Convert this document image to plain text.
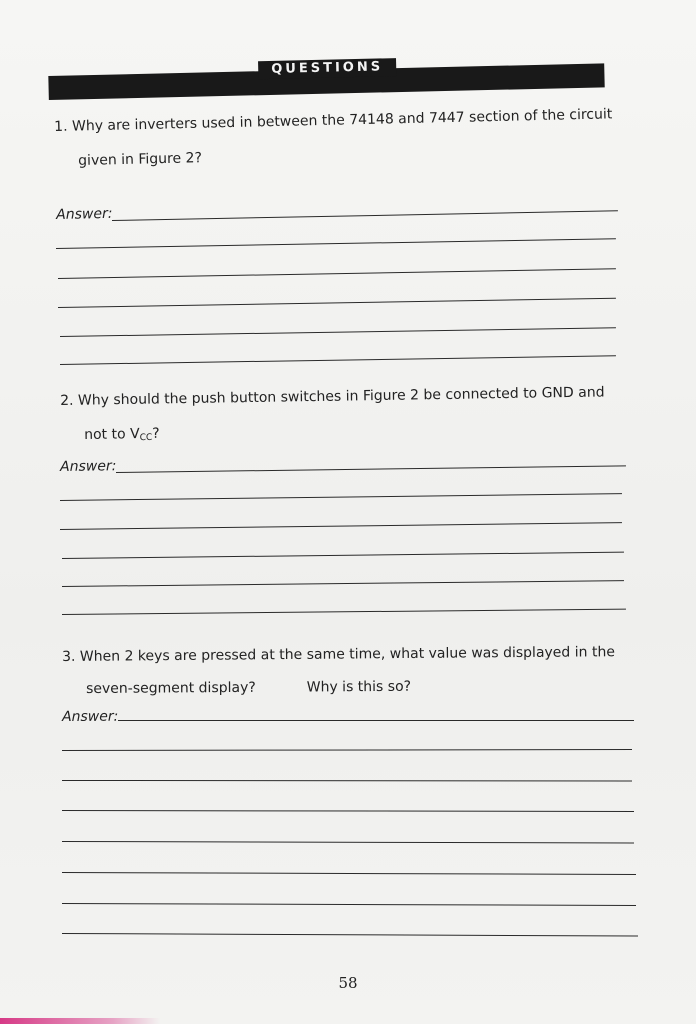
QUESTIONS
1. Why are inverters used in between the 74148 and 7447 section of the circuit
given in Figure 2?
Answer:
2. Why should the push button switches in Figure 2 be connected to GND and
not to $V_{CC}$?
Answer:
3. When 2 keys are pressed at the same time, what value was displayed in the
seven-segment display?	Why is this so?
Answer:
58
